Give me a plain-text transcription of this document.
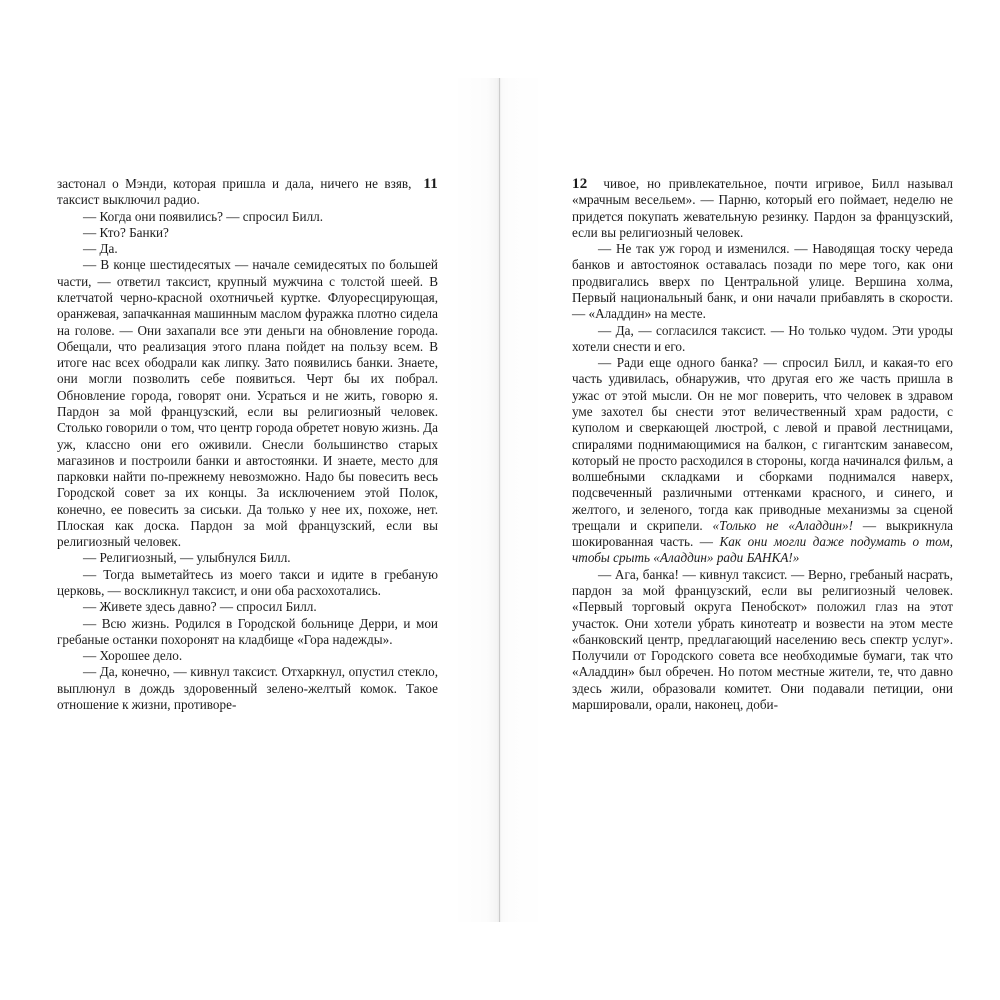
11
застонал о Мэнди, которая пришла и дала, ничего не взяв, таксист выключил радио.

— Когда они появились? — спросил Билл.

— Кто? Банки?

— Да.

— В конце шестидесятых — начале семидесятых по большей части, — ответил таксист, крупный мужчина с толстой шеей. В клетчатой черно-красной охотничьей куртке. Флуоресцирующая, оранжевая, запачканная машинным маслом фуражка плотно сидела на голове. — Они захапали все эти деньги на обновление города. Обещали, что реализация этого плана пойдет на пользу всем. В итоге нас всех ободрали как липку. Зато появились банки. Знаете, они могли позволить себе появиться. Черт бы их побрал. Обновление города, говорят они. Усраться и не жить, говорю я. Пардон за мой французский, если вы религиозный человек. Столько говорили о том, что центр города обретет новую жизнь. Да уж, классно они его оживили. Снесли большинство старых магазинов и построили банки и автостоянки. И знаете, место для парковки найти по-прежнему невозможно. Надо бы повесить весь Городской совет за их концы. За исключением этой Полок, конечно, ее повесить за сиськи. Да только у нее их, похоже, нет. Плоская как доска. Пардон за мой французский, если вы религиозный человек.

— Религиозный, — улыбнулся Билл.

— Тогда выметайтесь из моего такси и идите в гребаную церковь, — воскликнул таксист, и они оба расхохотались.

— Живете здесь давно? — спросил Билл.

— Всю жизнь. Родился в Городской больнице Дерри, и мои гребаные останки похоронят на кладбище «Гора надежды».

— Хорошее дело.

— Да, конечно, — кивнул таксист. Отхаркнул, опустил стекло, выплюнул в дождь здоровенный зелено-желтый комок. Такое отношение к жизни, противоре-

12 чивое, но привлекательное, почти игривое, Билл называл «мрачным весельем». — Парню, который его поймает, неделю не придется покупать жевательную резинку. Пардон за французский, если вы религиозный человек.

— Не так уж город и изменился. — Наводящая тоску череда банков и автостоянок оставалась позади по мере того, как они продвигались вверх по Центральной улице. Вершина холма, Первый национальный банк, и они начали прибавлять в скорости. — «Аладдин» на месте.

— Да, — согласился таксист. — Но только чудом. Эти уроды хотели снести и его.

— Ради еще одного банка? — спросил Билл, и какая-то его часть удивилась, обнаружив, что другая его же часть пришла в ужас от этой мысли. Он не мог поверить, что человек в здравом уме захотел бы снести этот величественный храм радости, с куполом и сверкающей люстрой, с левой и правой лестницами, спиралями поднимающимися на балкон, с гигантским занавесом, который не просто расходился в стороны, когда начинался фильм, а волшебными складками и сборками поднимался наверх, подсвеченный различными оттенками красного, и синего, и желтого, и зеленого, тогда как приводные механизмы за сценой трещали и скрипели. «Только не «Аладдин»! — выкрикнула шокированная часть. — Как они могли даже подумать о том, чтобы срыть «Аладдин» ради БАНКА!»

— Ага, банка! — кивнул таксист. — Верно, гребаный насрать, пардон за мой французский, если вы религиозный человек. «Первый торговый округа Пенобскот» положил глаз на этот участок. Они хотели убрать кинотеатр и возвести на этом месте «банковский центр, предлагающий населению весь спектр услуг». Получили от Городского совета все необходимые бумаги, так что «Аладдин» был обречен. Но потом местные жители, те, что давно здесь жили, образовали комитет. Они подавали петиции, они маршировали, орали, наконец, доби-
